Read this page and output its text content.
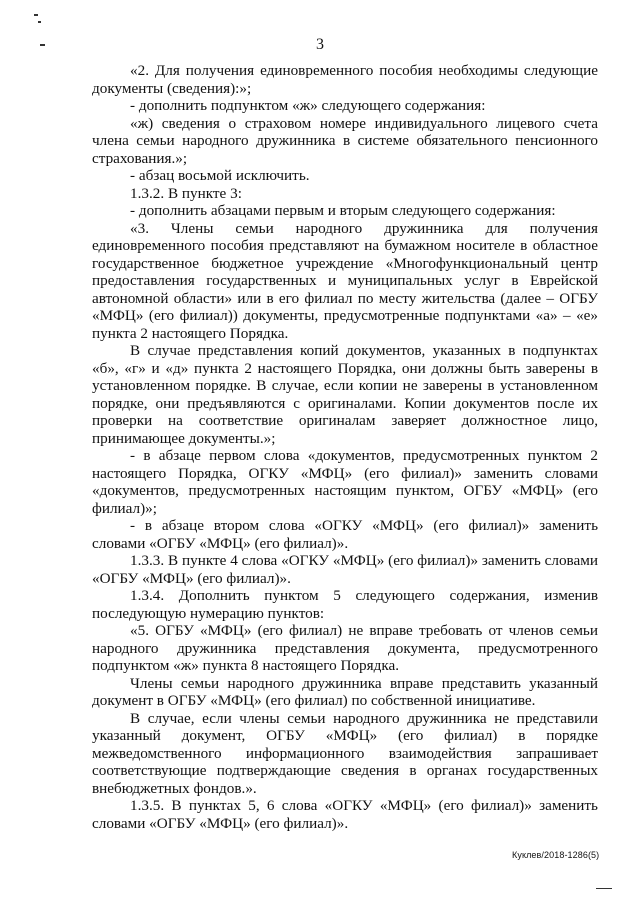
3

«2. Для получения единовременного пособия необходимы следующие документы (сведения):»;

- дополнить подпунктом «ж» следующего содержания:

«ж) сведения о страховом номере индивидуального лицевого счета члена семьи народного дружинника в системе обязательного пенсионного страхования.»;

- абзац восьмой исключить.

1.3.2. В пункте 3:

- дополнить абзацами первым и вторым следующего содержания:

«3. Члены семьи народного дружинника для получения единовременного пособия представляют на бумажном носителе в областное государственное бюджетное учреждение «Многофункциональный центр предоставления государственных и муниципальных услуг в Еврейской автономной области» или в его филиал по месту жительства (далее – ОГБУ «МФЦ» (его филиал)) документы, предусмотренные подпунктами «а» – «е» пункта 2 настоящего Порядка.

В случае представления копий документов, указанных в подпунктах «б», «г» и «д» пункта 2 настоящего Порядка, они должны быть заверены в установленном порядке. В случае, если копии не заверены в установленном порядке, они предъявляются с оригиналами. Копии документов после их проверки на соответствие оригиналам заверяет должностное лицо, принимающее документы.»;

- в абзаце первом слова «документов, предусмотренных пунктом 2 настоящего Порядка, ОГКУ «МФЦ» (его филиал)» заменить словами «документов, предусмотренных настоящим пунктом, ОГБУ «МФЦ» (его филиал)»;

- в абзаце втором слова «ОГКУ «МФЦ» (его филиал)» заменить словами «ОГБУ «МФЦ» (его филиал)».

1.3.3. В пункте 4 слова «ОГКУ «МФЦ» (его филиал)» заменить словами «ОГБУ «МФЦ» (его филиал)».

1.3.4. Дополнить пунктом 5 следующего содержания, изменив последующую нумерацию пунктов:

«5. ОГБУ «МФЦ» (его филиал) не вправе требовать от членов семьи народного дружинника представления документа, предусмотренного подпунктом «ж» пункта 8 настоящего Порядка.

Члены семьи народного дружинника вправе представить указанный документ в ОГБУ «МФЦ» (его филиал) по собственной инициативе.

В случае, если члены семьи народного дружинника не представили указанный документ, ОГБУ «МФЦ» (его филиал) в порядке межведомственного информационного взаимодействия запрашивает соответствующие подтверждающие сведения в органах государственных внебюджетных фондов.».

1.3.5. В пунктах 5, 6 слова «ОГКУ «МФЦ» (его филиал)» заменить словами «ОГБУ «МФЦ» (его филиал)».

Куклев/2018-1286(5)
